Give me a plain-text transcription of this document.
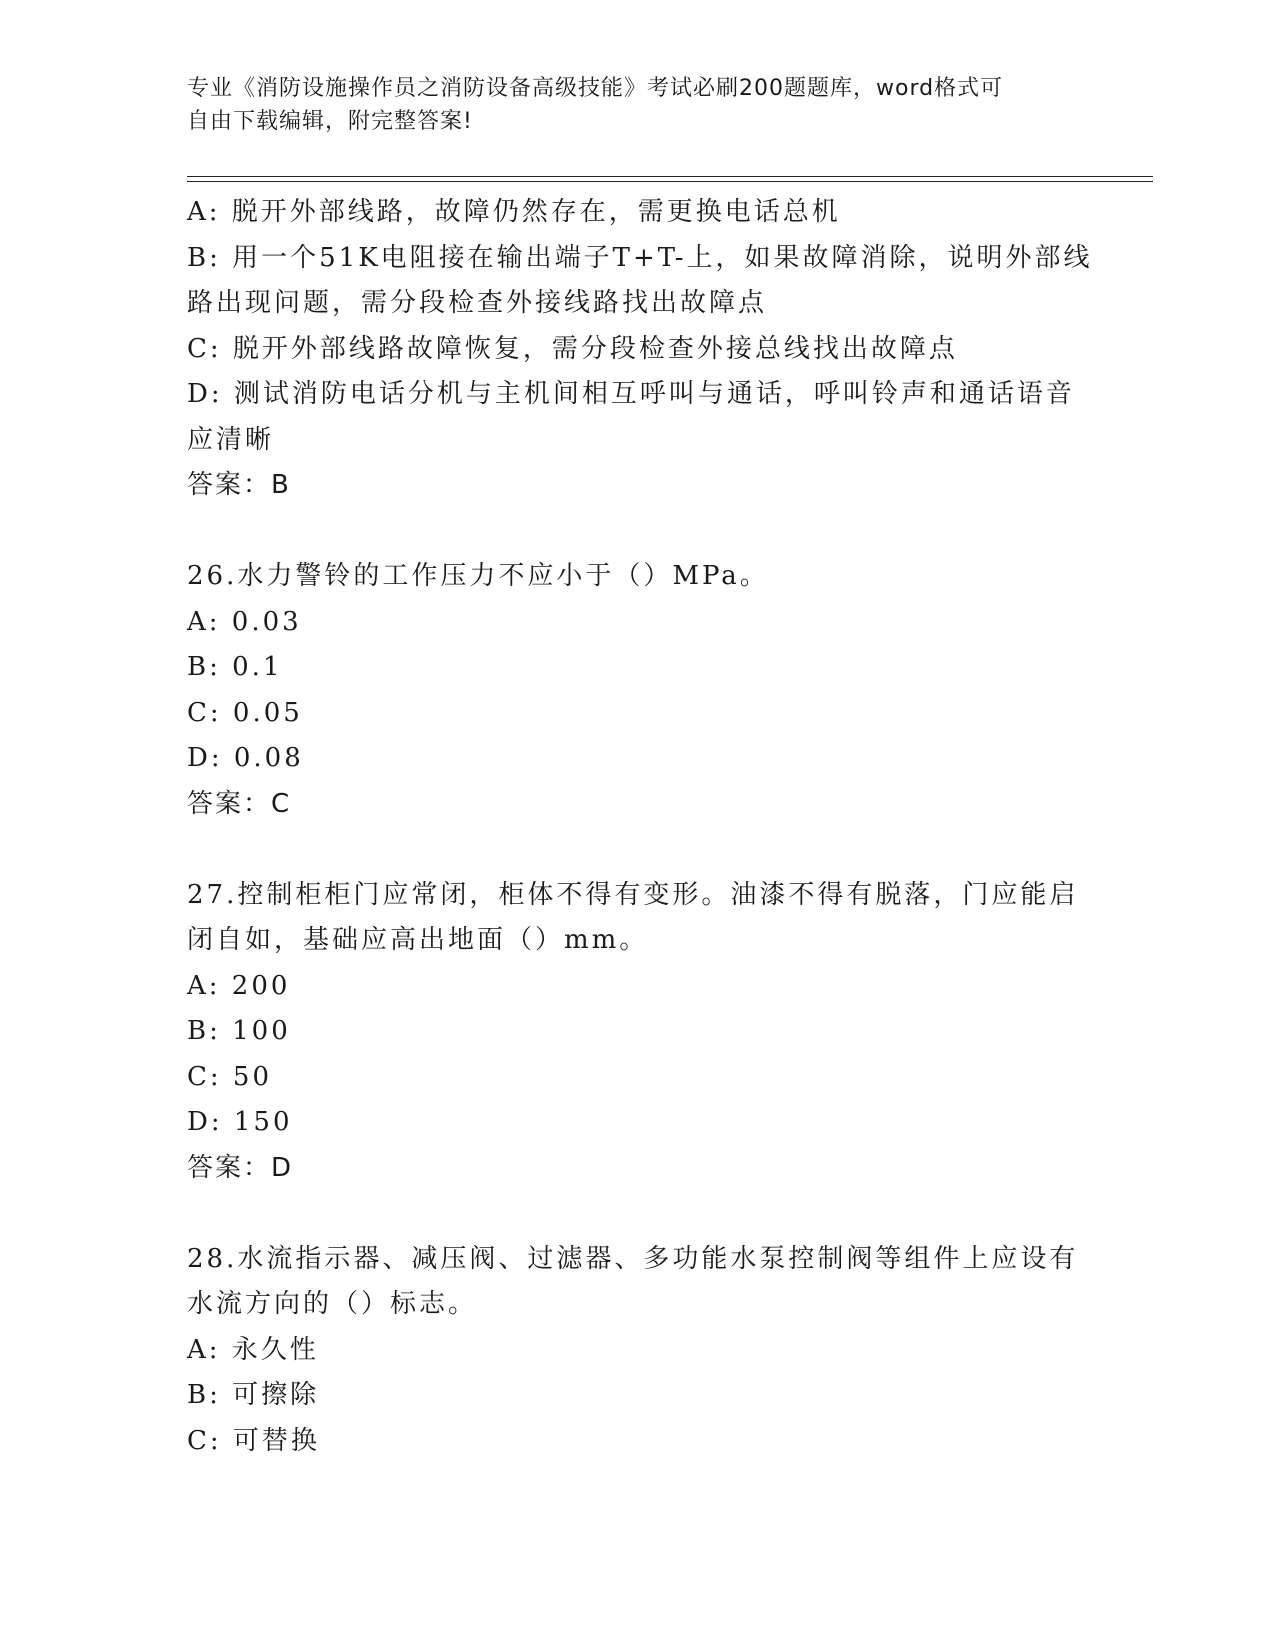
专业《消防设施操作员之消防设备高级技能》考试必刷200题题库，word格式可
自由下载编辑，附完整答案!
A: 脱开外部线路，故障仍然存在，需更换电话总机
B: 用一个51K电阻接在输出端子T+T-上，如果故障消除，说明外部线
路出现问题，需分段检查外接线路找出故障点
C: 脱开外部线路故障恢复，需分段检查外接总线找出故障点
D: 测试消防电话分机与主机间相互呼叫与通话，呼叫铃声和通话语音
应清晰
答案：B
26.水力警铃的工作压力不应小于（）MPa。
A: 0.03
B: 0.1
C: 0.05
D: 0.08
答案：C
27.控制柜柜门应常闭，柜体不得有变形。油漆不得有脱落，门应能启
闭自如，基础应高出地面（）mm。
A: 200
B: 100
C: 50
D: 150
答案：D
28.水流指示器、减压阀、过滤器、多功能水泵控制阀等组件上应设有
水流方向的（）标志。
A: 永久性
B: 可擦除
C: 可替换
